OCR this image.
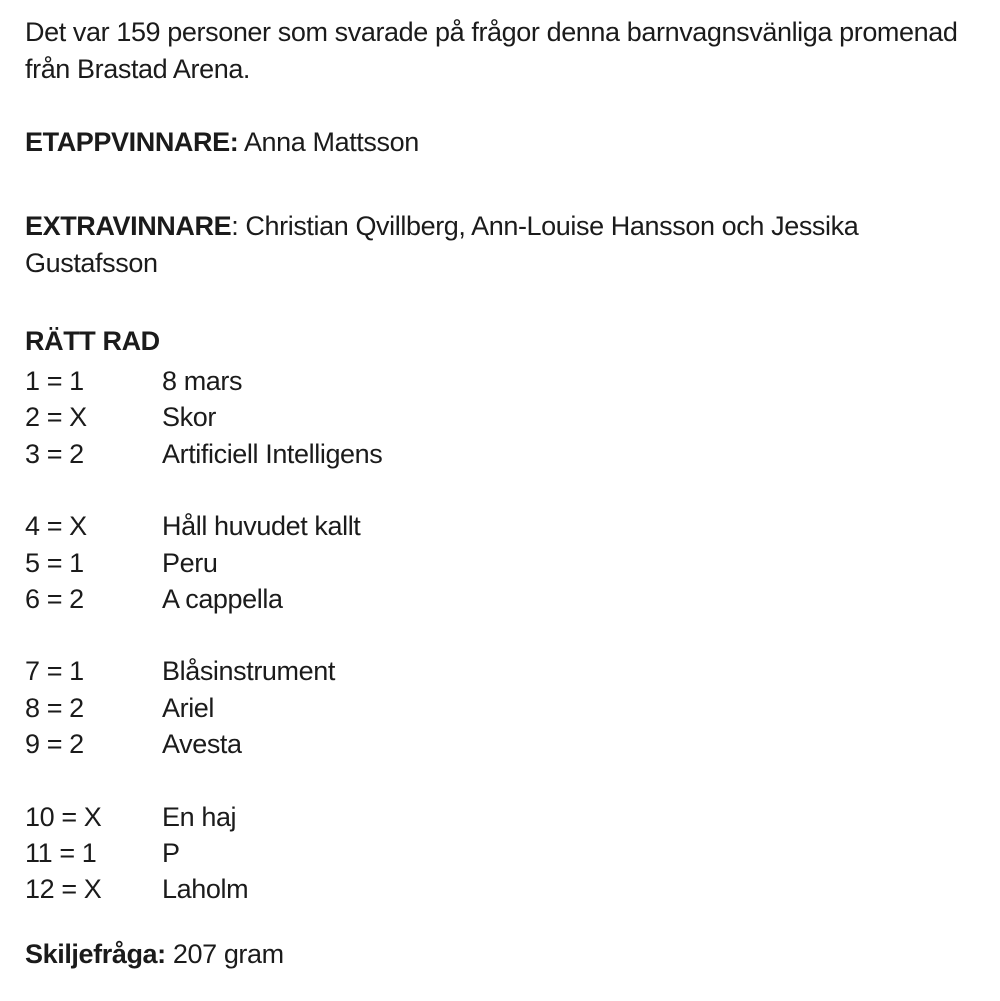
Det var 159 personer som svarade på frågor denna barnvagnsvänliga promenad
från Brastad Arena.

ETAPPVINNARE: Anna Mattsson

EXTRAVINNARE: Christian Qvillberg, Ann-Louise Hansson och Jessika
Gustafsson

RÄTT RAD

1 = 1	8 mars
2 = X	Skor
3 = 2	Artificiell Intelligens
4 = X	Håll huvudet kallt
5 = 1	Peru
6 = 2	A cappella
7 = 1	Blåsinstrument
8 = 2	Ariel
9 = 2	Avesta
10 = X	En haj
11 = 1	P
12 = X	Laholm

Skiljefråga: 207 gram
